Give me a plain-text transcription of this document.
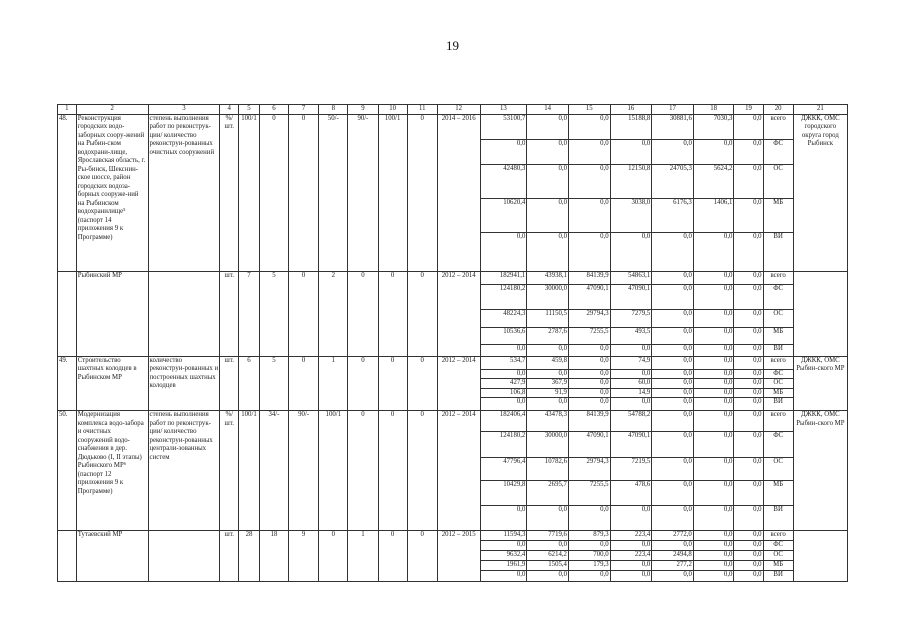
19
1	2	3	4	5	6	7	8	9	10	11	12	13	14	15	16	17	18	19	20	21
48.	Реконструкция городских водо-заборных соору-жений на Рыбин-ском водохрани-лище, Ярославская область, г. Ры-бинск, Шекснин-ское шоссе, район городских водоза-борных сооруже-ний на Рыбинском водохранилище⁵ (паспорт 14 приложения 9 к Программе)	степень выполнения работ по реконструк-ции/ количество реконструи-рованных очистных сооружений	%/ шт.	100/1	0	0	50/-	90/-	100/1	0	2014 – 2016	53100,7	0,0	0,0	15188,8	30881,6	7030,3	0,0	всего	ДЖКК, ОМС городского округа город Рыбинск
												0,0	0,0	0,0	0,0	0,0	0,0	0,0	ФС	
												42480,3	0,0	0,0	12150,8	24705,3	5624,2	0,0	ОС	
												10620,4	0,0	0,0	3038,0	6176,3	1406,1	0,0	МБ	
												0,0	0,0	0,0	0,0	0,0	0,0	0,0	ВИ	
	Рыбинский МР		шт.	7	5	0	2	0	0	0	2012 – 2014	182941,1	43938,1	84139,9	54863,1	0,0	0,0	0,0	всего	
												124180,2	30000,0	47090,1	47090,1	0,0	0,0	0,0	ФС	
												48224,3	11150,5	29794,3	7279,5	0,0	0,0	0,0	ОС	
												10536,6	2787,6	7255,5	493,5	0,0	0,0	0,0	МБ	
												0,0	0,0	0,0	0,0	0,0	0,0	0,0	ВИ	
49.	Строительство шахтных колодцев в Рыбинском МР	количество реконструи-рованных и построенных шахтных колодцев	шт.	6	5	0	1	0	0	0	2012 – 2014	534,7	459,8	0,0	74,9	0,0	0,0	0,0	всего	ДЖКК, ОМС Рыбин-ского МР
												0,0	0,0	0,0	0,0	0,0	0,0	0,0	ФС	
												427,9	367,9	0,0	60,0	0,0	0,0	0,0	ОС	
												106,8	91,9	0,0	14,9	0,0	0,0	0,0	МБ	
												0,0	0,0	0,0	0,0	0,0	0,0	0,0	ВИ	
50.	Модернизация комплекса водо-забора и очистных сооружений водо-снабжения в дер. Дюдьково (I, II этапы) Рыбинского МР⁶ (паспорт 12 приложения 9 к Программе)	степень выполнения работ по реконструк-ции/ количество реконструи-рованных централи-зованных систем	%/ шт.	100/1	34/-	90/-	100/1	0	0	0	2012 – 2014	182406,4	43478,3	84139,9	54788,2	0,0	0,0	0,0	всего	ДЖКК, ОМС Рыбин-ского МР
												124180,2	30000,0	47090,1	47090,1	0,0	0,0	0,0	ФС	
												47796,4	10782,6	29794,3	7219,5	0,0	0,0	0,0	ОС	
												10429,8	2695,7	7255,5	478,6	0,0	0,0	0,0	МБ	
												0,0	0,0	0,0	0,0	0,0	0,0	0,0	ВИ	
	Тутаевский МР		шт.	28	18	9	0	1	0	0	2012 – 2015	11594,3	7719,6	879,3	223,4	2772,0	0,0	0,0	всего	
												0,0	0,0	0,0	0,0	0,0	0,0	0,0	ФС	
												9632,4	6214,2	700,0	223,4	2494,8	0,0	0,0	ОС	
												1961,9	1505,4	179,3	0,0	277,2	0,0	0,0	МБ	
												0,0	0,0	0,0	0,0	0,0	0,0	0,0	ВИ	
